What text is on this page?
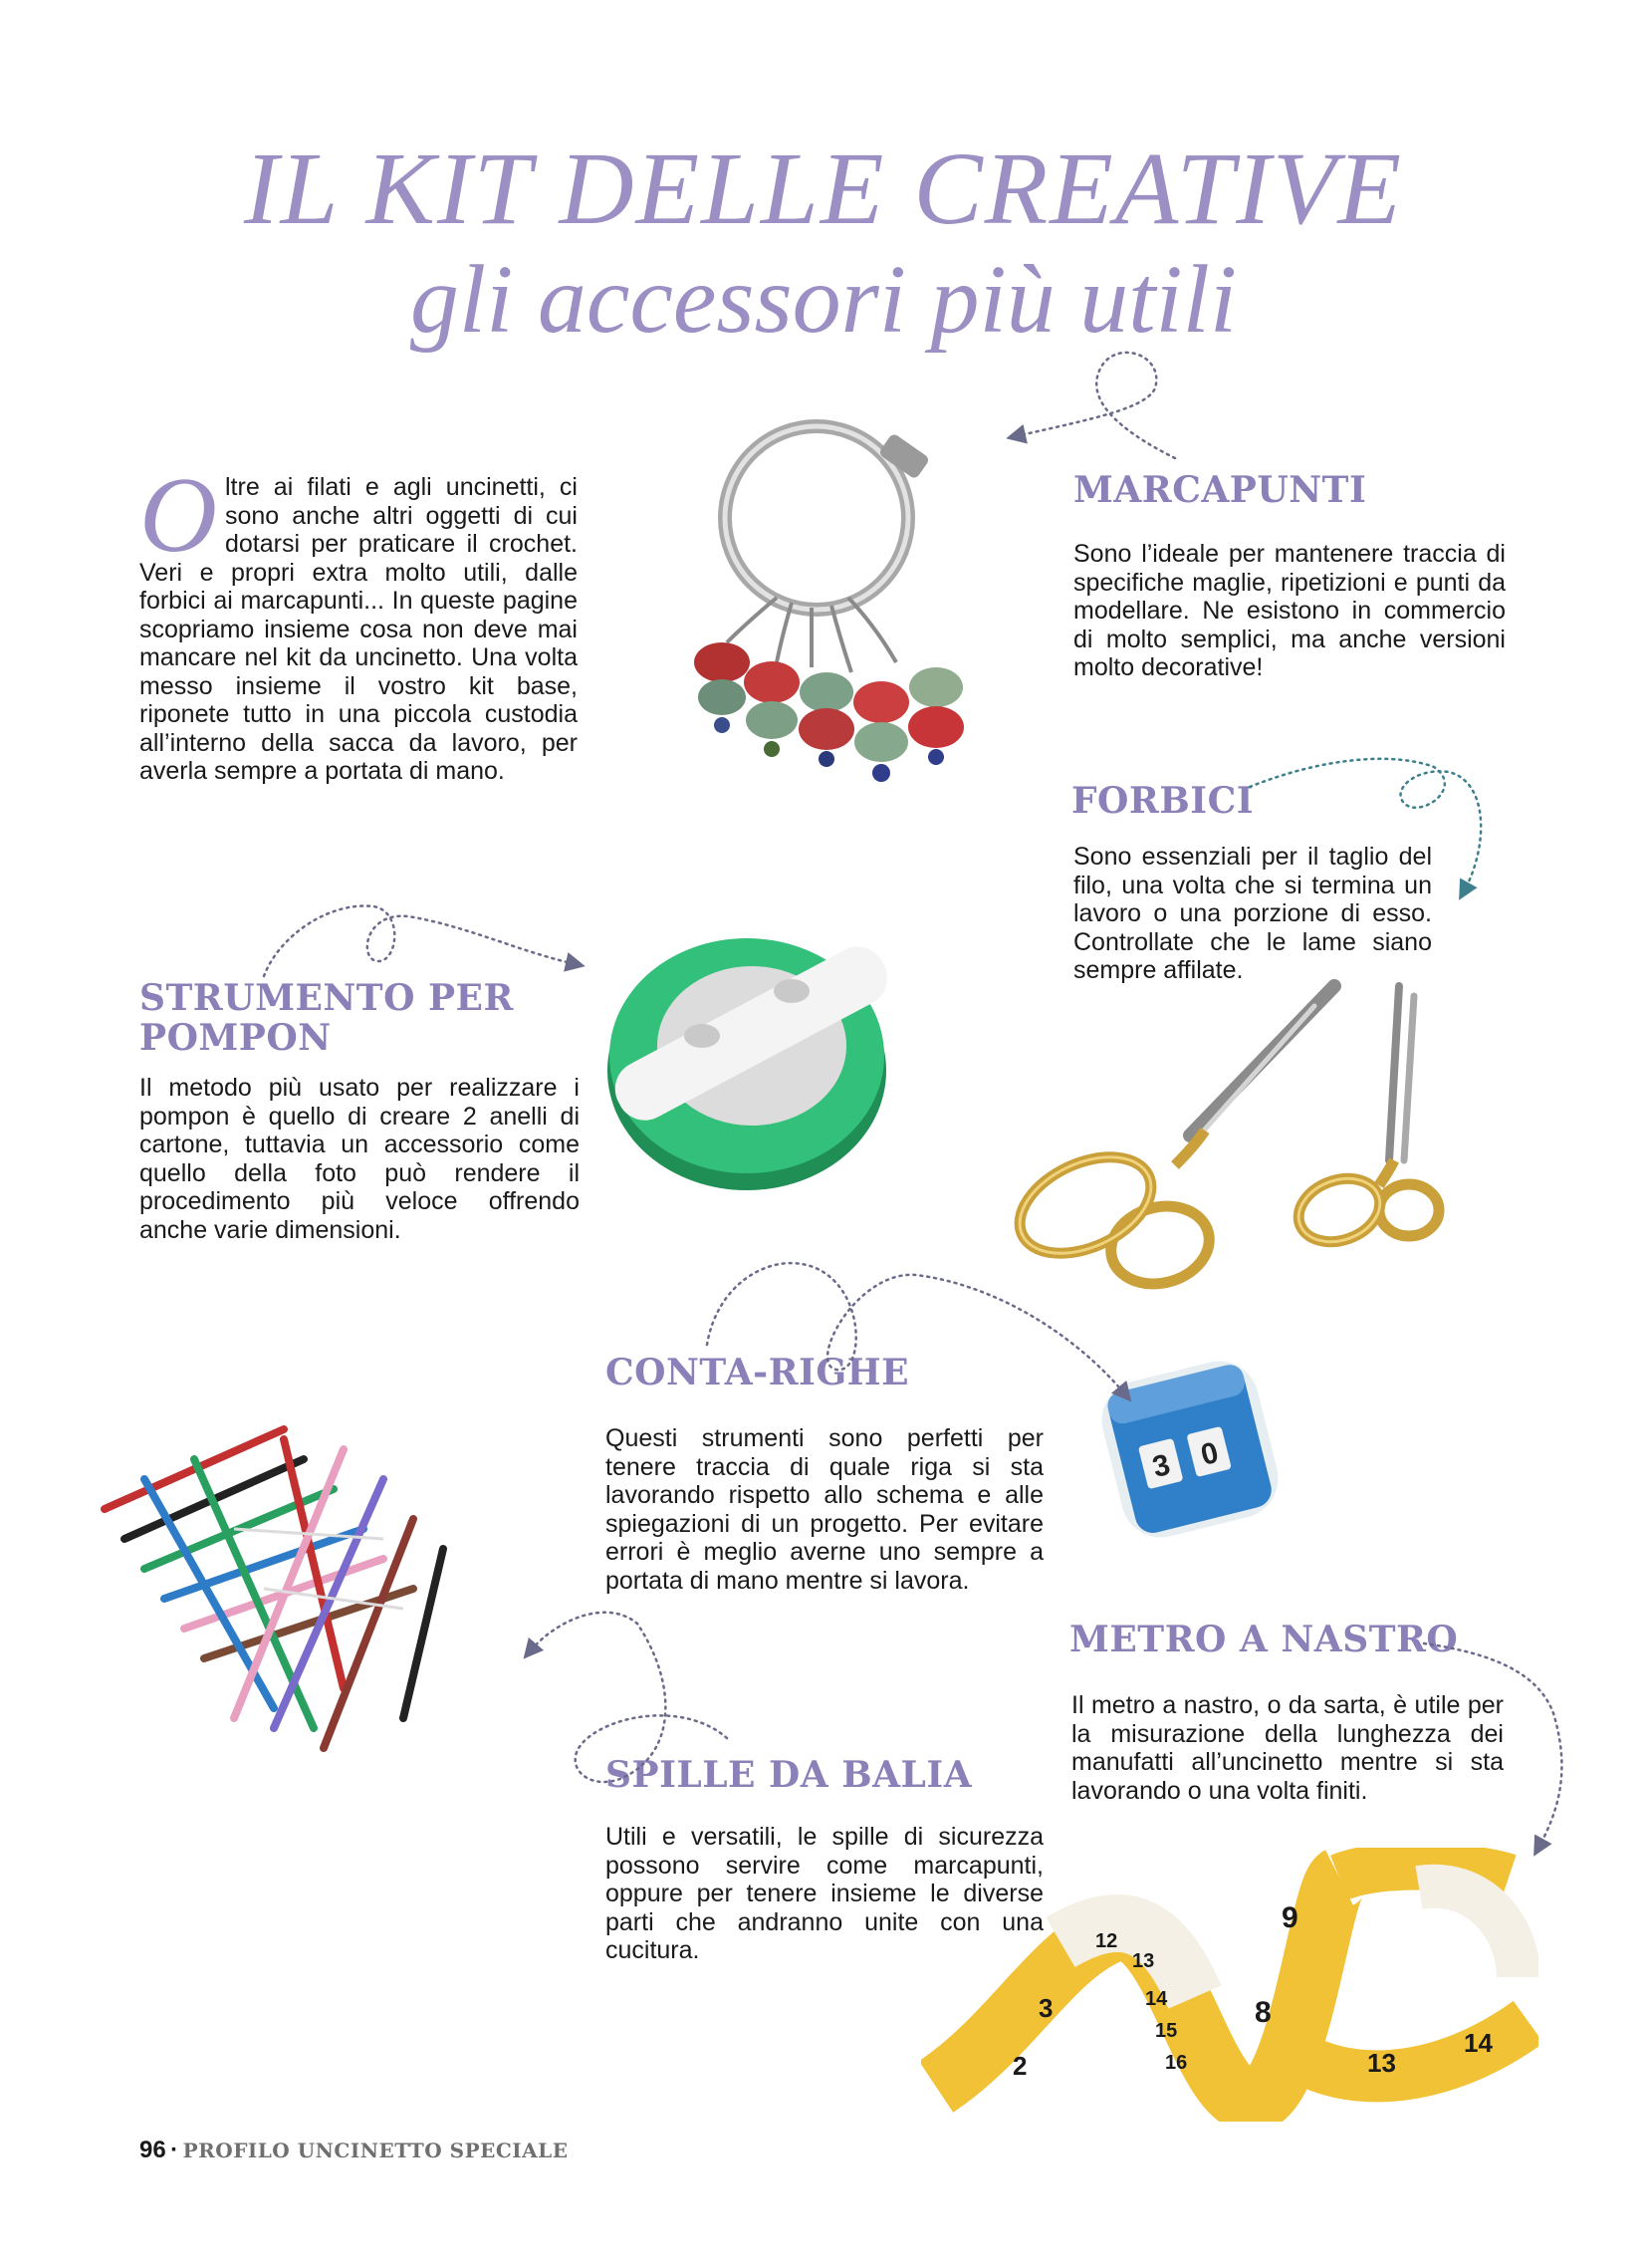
IL KIT DELLE CREATIVE
gli accessori più utili
Oltre ai filati e agli uncinetti, ci sono anche altri oggetti di cui dotarsi per praticare il crochet. Veri e propri extra molto utili, dalle forbici ai marcapunti... In queste pagine scopriamo insieme cosa non deve mai mancare nel kit da uncinetto. Una volta messo insieme il vostro kit base, riponete tutto in una piccola custodia all’interno della sacca da lavoro, per averla sempre a portata di mano.
MARCAPUNTI
Sono l’ideale per mantenere traccia di specifiche maglie, ripetizioni e punti da modellare. Ne esistono in commercio di molto semplici, ma anche versioni molto decorative!
FORBICI
Sono essenziali per il taglio del filo, una volta che si termina un lavoro o una porzione di esso. Controllate che le lame siano sempre affilate.
STRUMENTO PER
POMPON
Il metodo più usato per realizzare i pompon è quello di creare 2 anelli di cartone, tuttavia un accessorio come quello della foto può rendere il procedimento più veloce offrendo anche varie dimensioni.
CONTA-RIGHE
Questi strumenti sono perfetti per tenere traccia di quale riga si sta lavorando rispetto allo schema e alle spiegazioni di un progetto. Per evitare errori è meglio averne uno sempre a portata di mano mentre si lavora.
METRO A NASTRO
Il metro a nastro, o da sarta, è utile per la misurazione della lunghezza dei manufatti all’uncinetto mentre si sta lavorando o una volta finiti.
SPILLE DA BALIA
Utili e versatili, le spille di sicurezza possono servire come marcapunti, oppure per tenere insieme le diverse parti che andranno unite con una cucitura.
3 0
2
3
12
13
14
15
16
8
9
13
14
96 · PROFILO UNCINETTO SPECIALE
